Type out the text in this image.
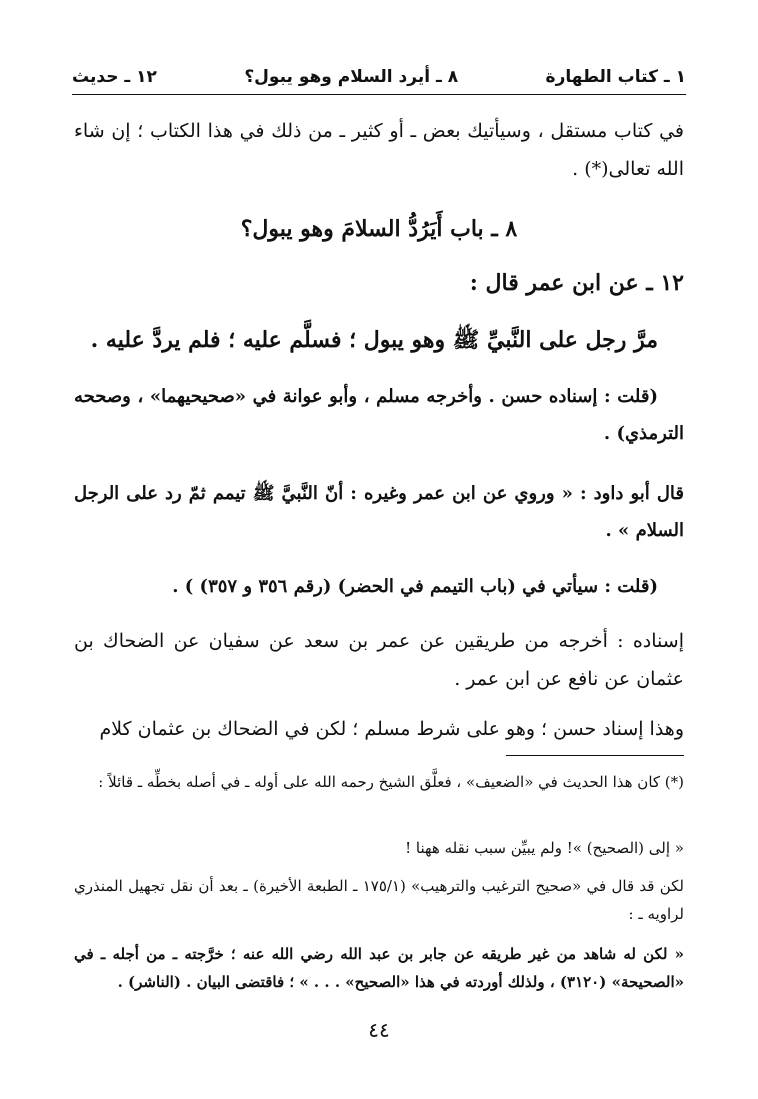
١ ـ كتاب الطهارة
٨ ـ أيرد السلام وهو يبول؟
١٢ ـ حديث
في كتاب مستقل ، وسيأتيك بعض ـ أو كثير ـ من ذلك في هذا الكتاب ؛ إن شاء الله تعالى(*) .
٨ ـ باب أَيَرُدُّ السلامَ وهو يبول؟
١٢ ـ عن ابن عمر قال :
مرَّ رجل على النَّبيِّ ﷺ وهو يبول ؛ فسلَّم عليه ؛ فلم يردَّ عليه .
(قلت : إسناده حسن . وأخرجه مسلم ، وأبو عوانة في «صحيحيهما» ، وصححه الترمذي) .
قال أبو داود : « وروي عن ابن عمر وغيره : أنّ النَّبيَّ ﷺ تيمم ثمّ رد على الرجل السلام » .
(قلت : سيأتي في (باب التيمم في الحضر) (رقم ٣٥٦ و ٣٥٧) ) .
إسناده : أخرجه من طريقين عن عمر بن سعد عن سفيان عن الضحاك بن عثمان عن نافع عن ابن عمر .
وهذا إسناد حسن ؛ وهو على شرط مسلم ؛ لكن في الضحاك بن عثمان كلام
(*) كان هذا الحديث في «الضعيف» ، فعلَّق الشيخ رحمه الله على أوله ـ في أصله بخطِّه ـ قائلاً :
« إلى (الصحيح) »! ولم يبيِّن سبب نقله ههنا !
لكن قد قال في «صحيح الترغيب والترهيب» (١٧٥/١ ـ الطبعة الأخيرة) ـ بعد أن نقل تجهيل المنذري لراويه ـ :
« لكن له شاهد من غير طريقه عن جابر بن عبد الله رضي الله عنه ؛ خرَّجته ـ من أجله ـ في «الصحيحة» (٣١٢٠) ، ولذلك أوردته في هذا «الصحيح» . . . » ؛ فاقتضى البيان . (الناشر) .
٤٤
